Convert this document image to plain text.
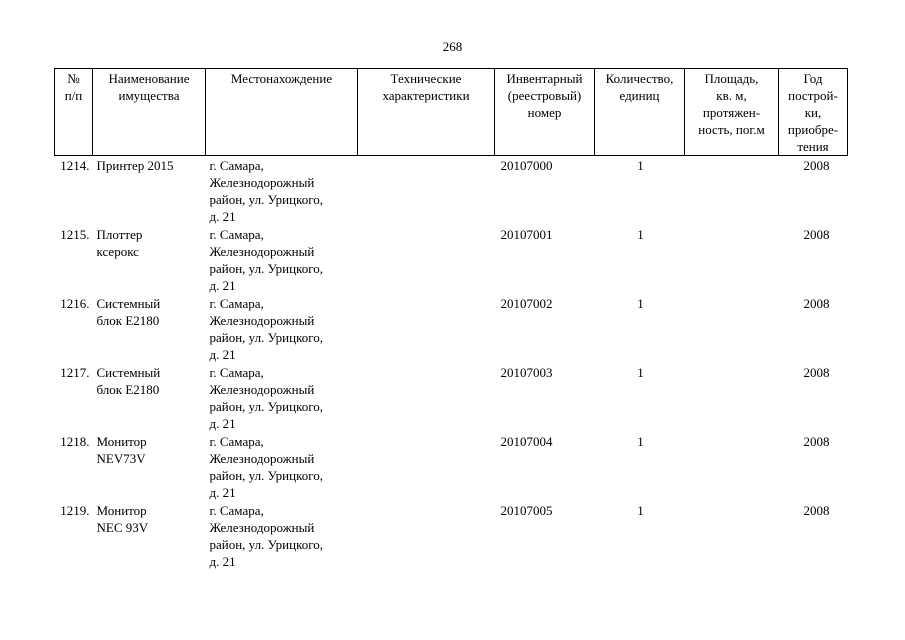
268
№
п/п	Наименование
имущества	Местонахождение	Технические
характеристики	Инвентарный
(реестровый)
номер	Количество,
единиц	Площадь,
кв. м,
протяжен-
ность, пог.м	Год
построй-
ки,
приобре-
тения
1214.	Принтер 2015	г. Самара,
Железнодорожный
район, ул. Урицкого,
д. 21		20107000	1		2008
1215.	Плоттер
ксерокс	г. Самара,
Железнодорожный
район, ул. Урицкого,
д. 21		20107001	1		2008
1216.	Системный
блок E2180	г. Самара,
Железнодорожный
район, ул. Урицкого,
д. 21		20107002	1		2008
1217.	Системный
блок E2180	г. Самара,
Железнодорожный
район, ул. Урицкого,
д. 21		20107003	1		2008
1218.	Монитор
NEV73V	г. Самара,
Железнодорожный
район, ул. Урицкого,
д. 21		20107004	1		2008
1219.	Монитор
NEC 93V	г. Самара,
Железнодорожный
район, ул. Урицкого,
д. 21		20107005	1		2008
